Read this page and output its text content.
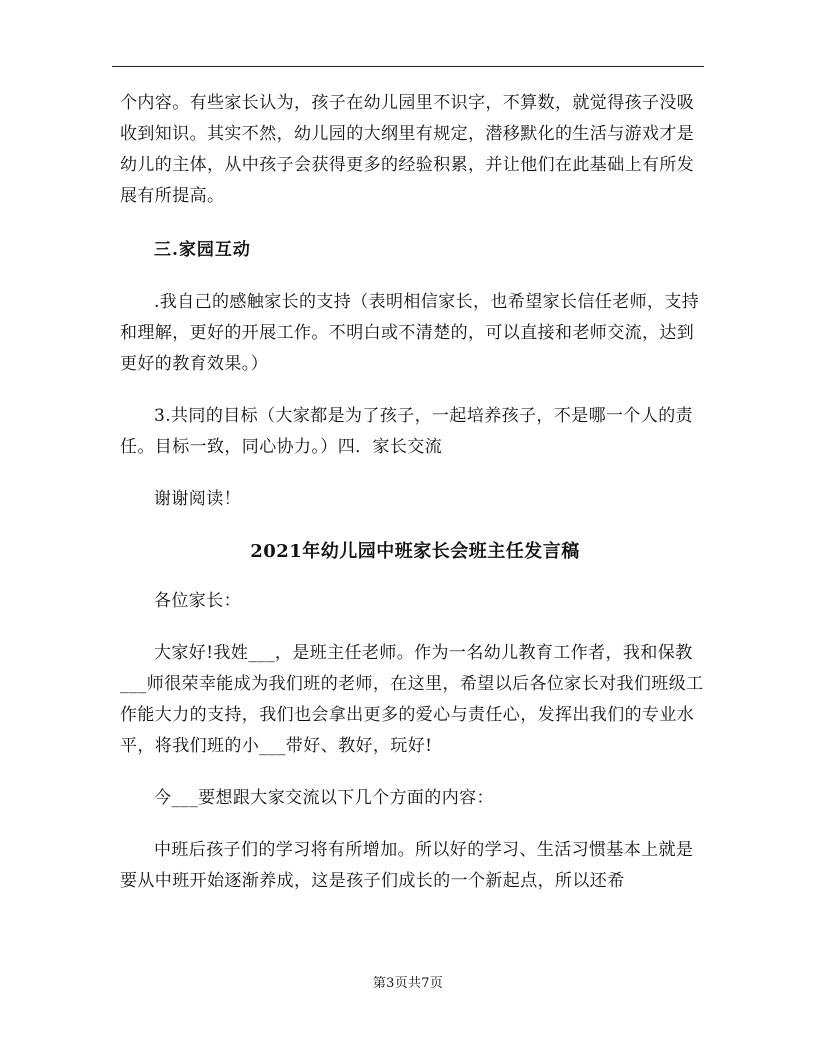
个内容。有些家长认为，孩子在幼儿园里不识字，不算数，就觉得孩子没吸收到知识。其实不然，幼儿园的大纲里有规定，潜移默化的生活与游戏才是幼儿的主体，从中孩子会获得更多的经验积累，并让他们在此基础上有所发展有所提高。

三.家园互动

.我自己的感触家长的支持（表明相信家长，也希望家长信任老师，支持和理解，更好的开展工作。不明白或不清楚的，可以直接和老师交流，达到更好的教育效果。）

3.共同的目标（大家都是为了孩子，一起培养孩子，不是哪一个人的责任。目标一致，同心协力。）四．家长交流

谢谢阅读！

2021年幼儿园中班家长会班主任发言稿

各位家长：

大家好!我姓___，是班主任老师。作为一名幼儿教育工作者，我和保教___师很荣幸能成为我们班的老师，在这里，希望以后各位家长对我们班级工作能大力的支持，我们也会拿出更多的爱心与责任心，发挥出我们的专业水平，将我们班的小___带好、教好，玩好!

今___要想跟大家交流以下几个方面的内容：

中班后孩子们的学习将有所增加。所以好的学习、生活习惯基本上就是要从中班开始逐渐养成，这是孩子们成长的一个新起点，所以还希

第3页共7页
